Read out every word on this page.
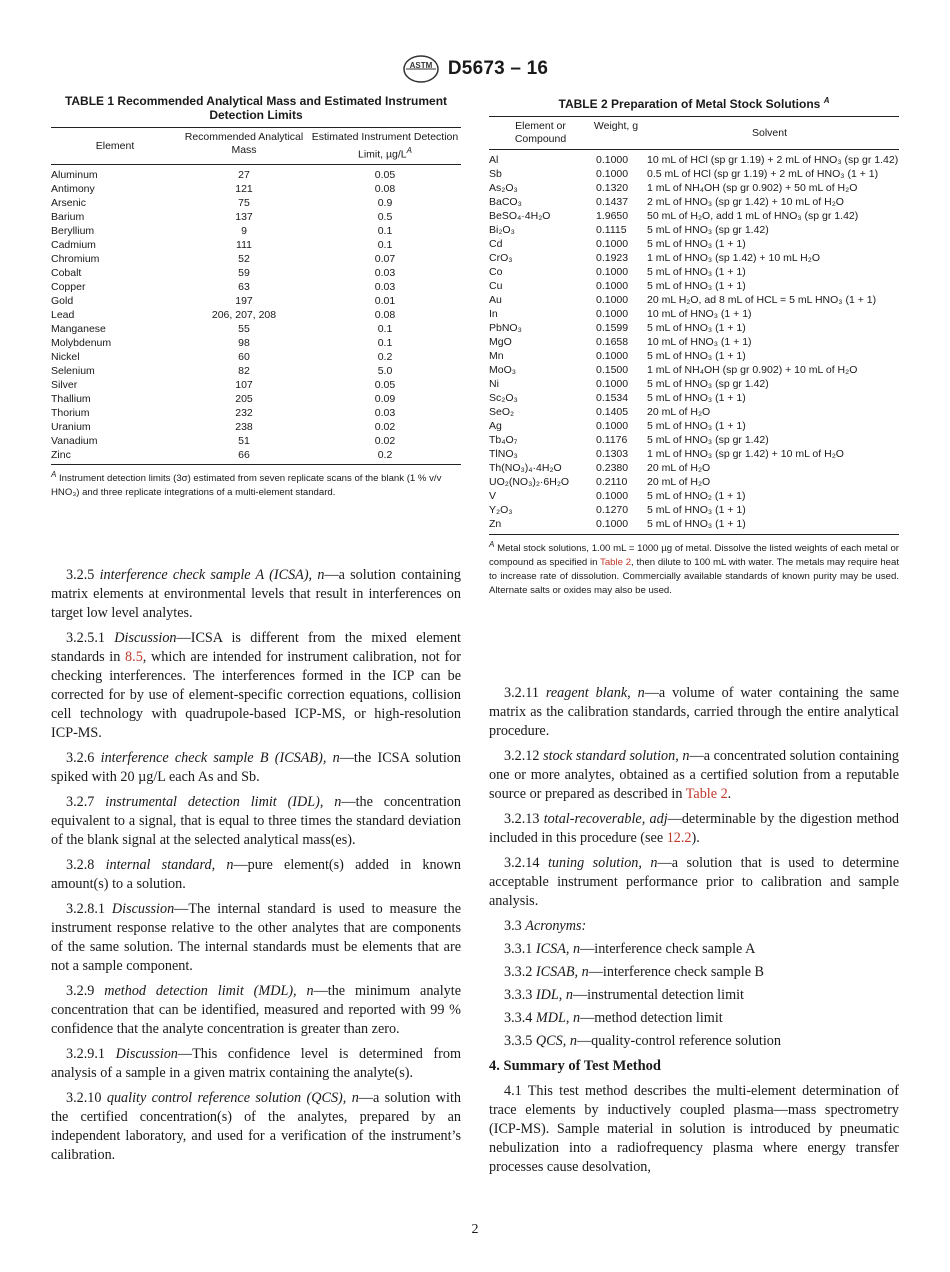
ASTM D5673 – 16
TABLE 1 Recommended Analytical Mass and Estimated Instrument Detection Limits
Element
Recommended Analytical Mass
Estimated Instrument Detection Limit, $\mu g/L^A$
Aluminum	27	0.05
Antimony	121	0.08
Arsenic	75	0.9
Barium	137	0.5
Beryllium	9	0.1
Cadmium	111	0.1
Chromium	52	0.07
Cobalt	59	0.03
Copper	63	0.03
Gold	197	0.01
Lead	206, 207, 208	0.08
Manganese	55	0.1
Molybdenum	98	0.1
Nickel	60	0.2
Selenium	82	5.0
Silver	107	0.05
Thallium	205	0.09
Thorium	232	0.03
Uranium	238	0.02
Vanadium	51	0.02
Zinc	66	0.2
$^A$ Instrument detection limits (3σ) estimated from seven replicate scans of the blank (1 % v/v HNO₃) and three replicate integrations of a multi-element standard.
TABLE 2 Preparation of Metal Stock Solutions $^A$
Element or Compound
Weight, g
Solvent
Al	0.1000	10 mL of HCl (sp gr 1.19) + 2 mL of HNO₃ (sp gr 1.42)
Sb	0.1000	0.5 mL of HCl (sp gr 1.19) + 2 mL of HNO₃ (1 + 1)
As₂O₃	0.1320	1 mL of NH₄OH (sp gr 0.902) + 50 mL of H₂O
BaCO₃	0.1437	2 mL of HNO₃ (sp gr 1.42) + 10 mL of H₂O
BeSO₄·4H₂O	1.9650	50 mL of H₂O, add 1 mL of HNO₃ (sp gr 1.42)
Bi₂O₃	0.1115	5 mL of HNO₃ (sp gr 1.42)
Cd	0.1000	5 mL of HNO₃ (1 + 1)
CrO₃	0.1923	1 mL of HNO₃ (sp 1.42) + 10 mL H₂O
Co	0.1000	5 mL of HNO₃ (1 + 1)
Cu	0.1000	5 mL of HNO₃ (1 + 1)
Au	0.1000	20 mL H₂O, ad 8 mL of HCL = 5 mL HNO₃ (1 + 1)
In	0.1000	10 mL of HNO₃ (1 + 1)
PbNO₃	0.1599	5 mL of HNO₃ (1 + 1)
MgO	0.1658	10 mL of HNO₃ (1 + 1)
Mn	0.1000	5 mL of HNO₃ (1 + 1)
MoO₃	0.1500	1 mL of NH₄OH (sp gr 0.902) + 10 mL of H₂O
Ni	0.1000	5 mL of HNO₃ (sp gr 1.42)
Sc₂O₃	0.1534	5 mL of HNO₃ (1 + 1)
SeO₂	0.1405	20 mL of H₂O
Ag	0.1000	5 mL of HNO₃ (1 + 1)
Tb₄O₇	0.1176	5 mL of HNO₃ (sp gr 1.42)
TlNO₃	0.1303	1 mL of HNO₃ (sp gr 1.42) + 10 mL of H₂O
Th(NO₃)₄·4H₂O	0.2380	20 mL of H₂O
UO₂(NO₃)₂·6H₂O	0.2110	20 mL of H₂O
V	0.1000	5 mL of HNO₂ (1 + 1)
Y₂O₃	0.1270	5 mL of HNO₃ (1 + 1)
Zn	0.1000	5 mL of HNO₃ (1 + 1)
$^A$ Metal stock solutions, 1.00 mL = 1000 µg of metal. Dissolve the listed weights of each metal or compound as specified in Table 2, then dilute to 100 mL with water. The metals may require heat to increase rate of dissolution. Commercially available standards of known purity may be used. Alternate salts or oxides may also be used.

3.2.5 interference check sample A (ICSA), n—a solution containing matrix elements at environmental levels that result in interferences on target low level analytes.

3.2.5.1 Discussion—ICSA is different from the mixed element standards in 8.5, which are intended for instrument calibration, not for checking interferences. The interferences formed in the ICP can be corrected for by use of element-specific correction equations, collision cell technology with quadrupole-based ICP-MS, or high-resolution ICP-MS.

3.2.6 interference check sample B (ICSAB), n—the ICSA solution spiked with 20 µg/L each As and Sb.

3.2.7 instrumental detection limit (IDL), n—the concentration equivalent to a signal, that is equal to three times the standard deviation of the blank signal at the selected analytical mass(es).

3.2.8 internal standard, n—pure element(s) added in known amount(s) to a solution.

3.2.8.1 Discussion—The internal standard is used to measure the instrument response relative to the other analytes that are components of the same solution. The internal standards must be elements that are not a sample component.

3.2.9 method detection limit (MDL), n—the minimum analyte concentration that can be identified, measured and reported with 99 % confidence that the analyte concentration is greater than zero.

3.2.9.1 Discussion—This confidence level is determined from analysis of a sample in a given matrix containing the analyte(s).

3.2.10 quality control reference solution (QCS), n—a solution with the certified concentration(s) of the analytes, prepared by an independent laboratory, and used for a verification of the instrument’s calibration.

3.2.11 reagent blank, n—a volume of water containing the same matrix as the calibration standards, carried through the entire analytical procedure.

3.2.12 stock standard solution, n—a concentrated solution containing one or more analytes, obtained as a certified solution from a reputable source or prepared as described in Table 2.

3.2.13 total-recoverable, adj—determinable by the digestion method included in this procedure (see 12.2).

3.2.14 tuning solution, n—a solution that is used to determine acceptable instrument performance prior to calibration and sample analysis.

3.3 Acronyms:

3.3.1 ICSA, n—interference check sample A

3.3.2 ICSAB, n—interference check sample B

3.3.3 IDL, n—instrumental detection limit

3.3.4 MDL, n—method detection limit

3.3.5 QCS, n—quality-control reference solution

4. Summary of Test Method

4.1 This test method describes the multi-element determination of trace elements by inductively coupled plasma—mass spectrometry (ICP-MS). Sample material in solution is introduced by pneumatic nebulization into a radiofrequency plasma where energy transfer processes cause desolvation,

2
